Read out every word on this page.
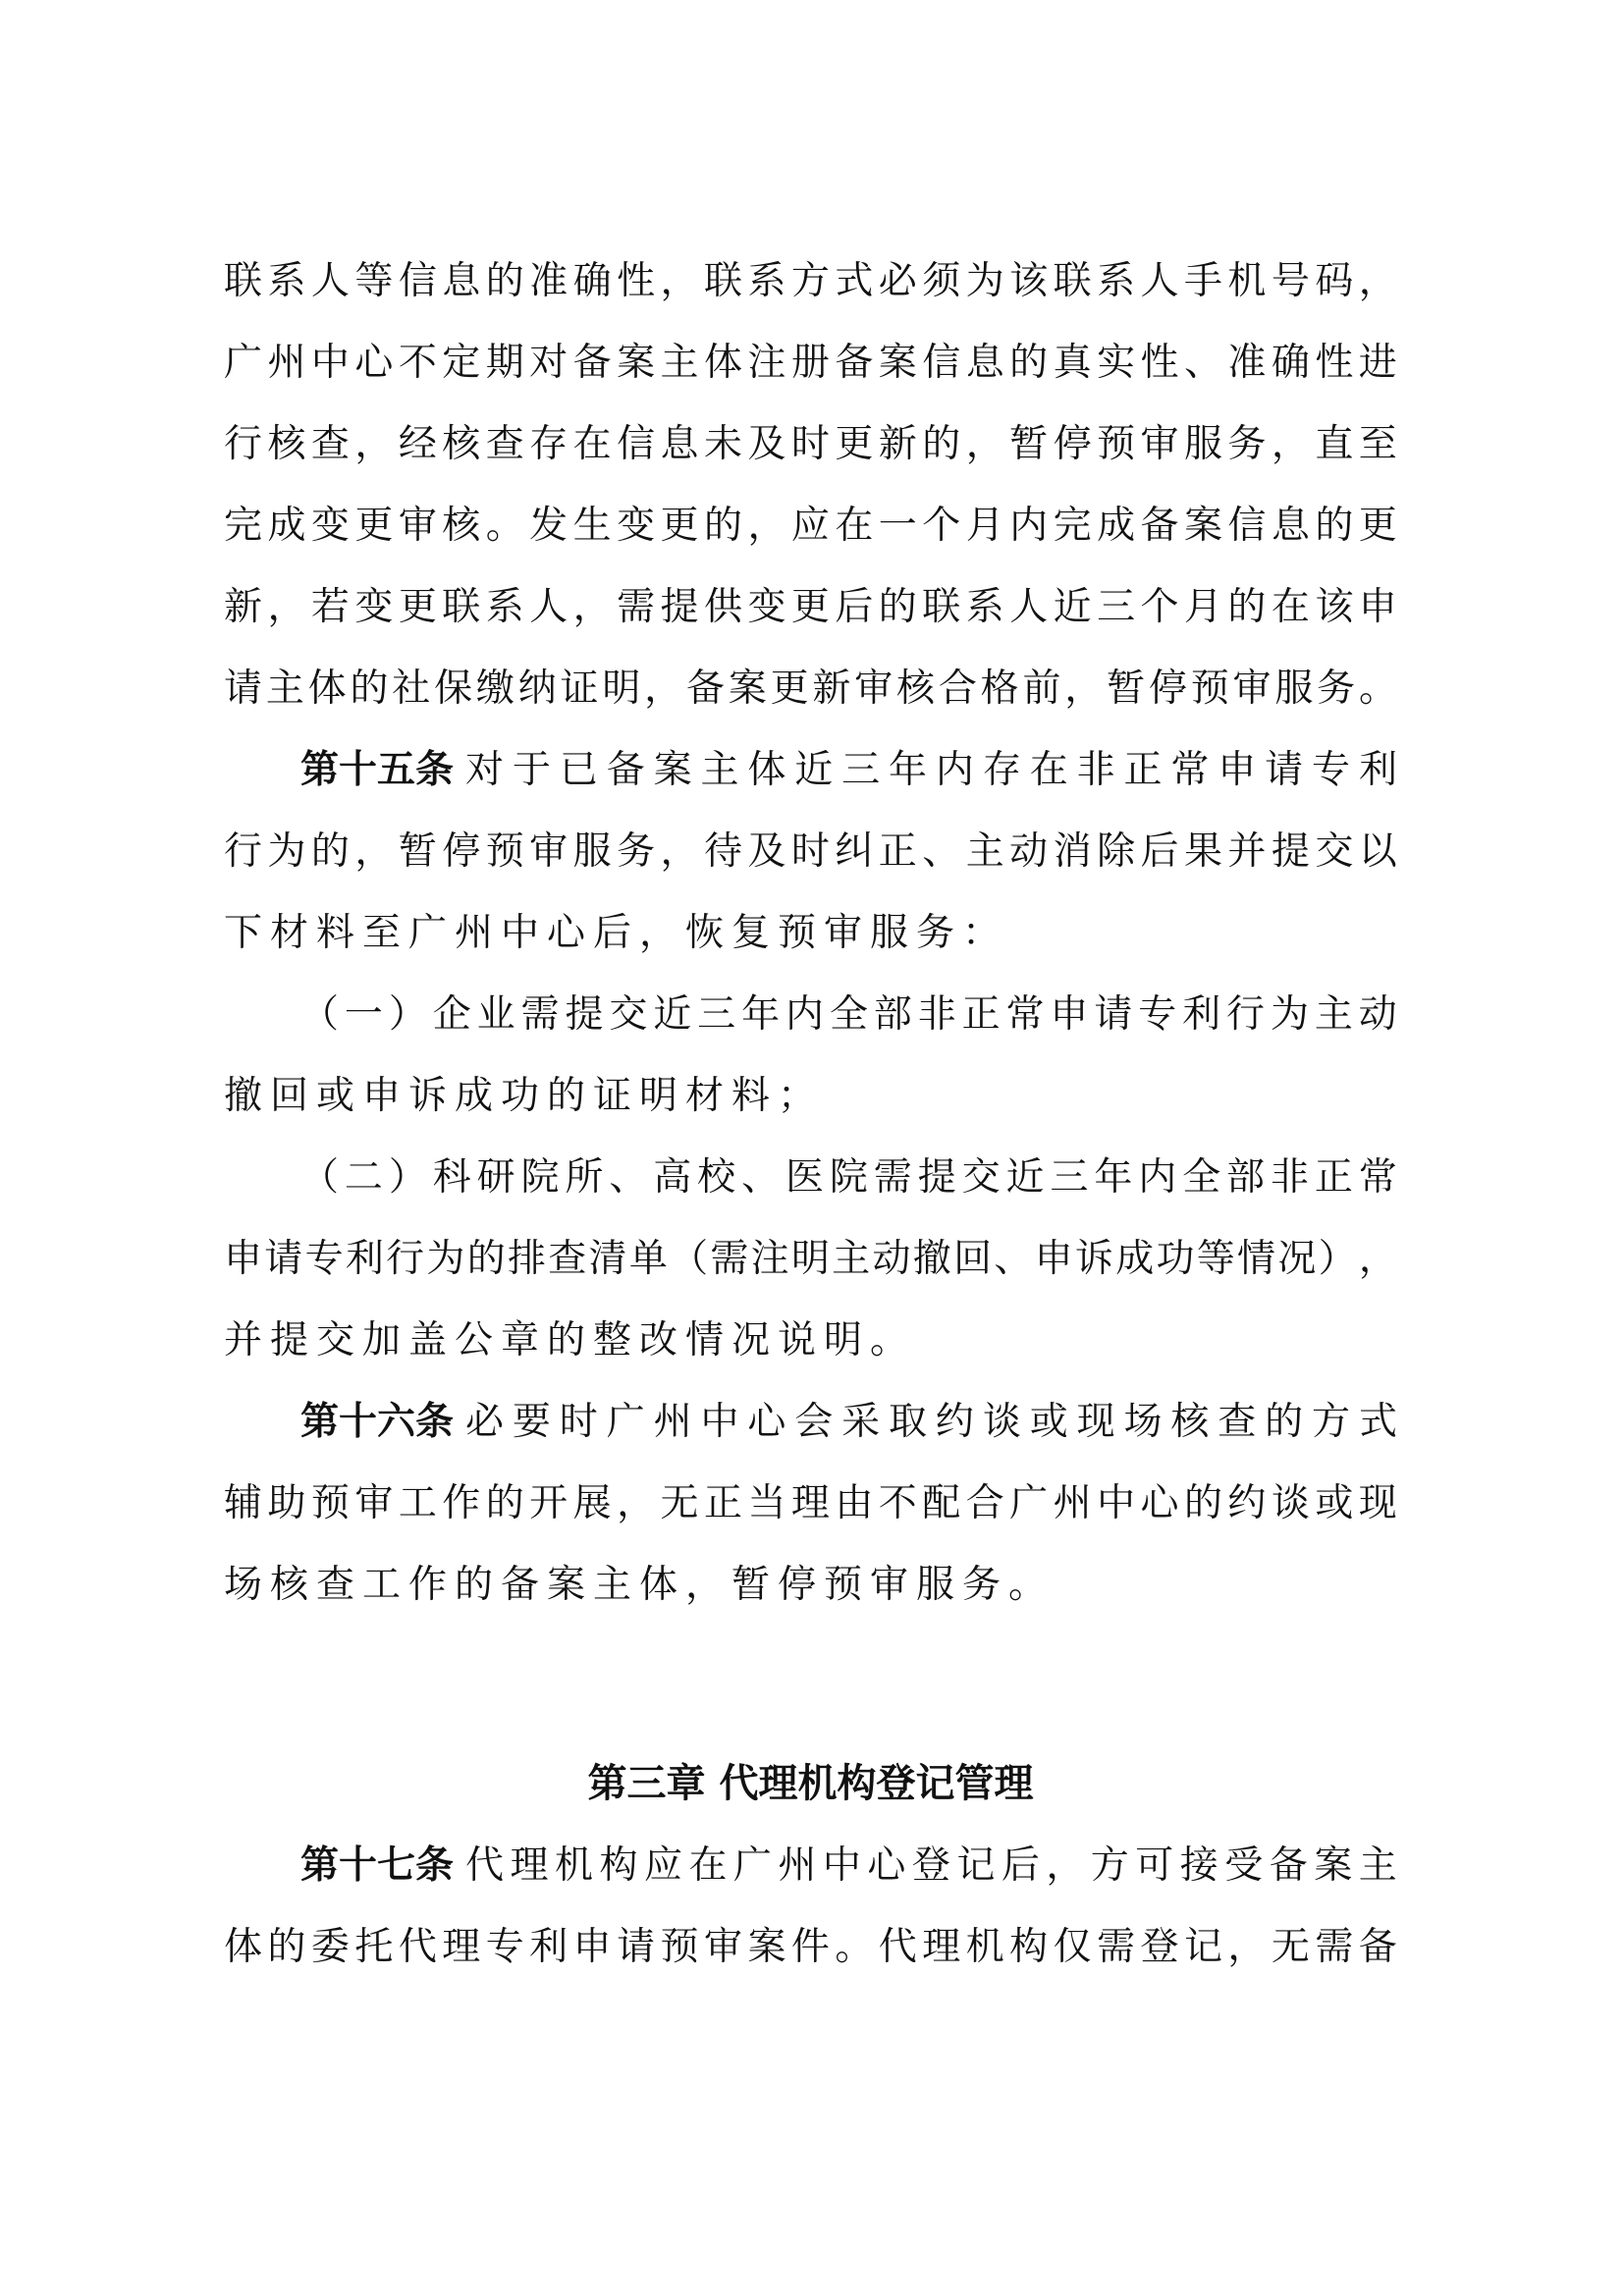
联 系 人 等 信 息 的 准 确 性 ， 联 系 方 式 必 须 为 该 联 系 人 手 机 号 码 ，
广 州 中 心 不 定 期 对 备 案 主 体 注 册 备 案 信 息 的 真 实 性 、 准 确 性 进
行 核 查 ， 经 核 查 存 在 信 息 未 及 时 更 新 的 ， 暂 停 预 审 服 务 ， 直 至
完 成 变 更 审 核 。 发 生 变 更 的 ， 应 在 一 个 月 内 完 成 备 案 信 息 的 更
新 ， 若 变 更 联 系 人 ， 需 提 供 变 更 后 的 联 系 人 近 三 个 月 的 在 该 申
请 主 体 的 社 保 缴 纳 证 明 ， 备 案 更 新 审 核 合 格 前 ， 暂 停 预 审 服 务 。
第十五条 对 于 已 备 案 主 体 近 三 年 内 存 在 非 正 常 申 请 专 利
行 为 的 ， 暂 停 预 审 服 务 ， 待 及 时 纠 正 、 主 动 消 除 后 果 并 提 交 以
下材料至广州中心后，恢复预审服务：
（ 一 ） 企 业 需 提 交 近 三 年 内 全 部 非 正 常 申 请 专 利 行 为 主 动
撤回或申诉成功的证明材料；
（ 二 ） 科 研 院 所 、 高 校 、 医 院 需 提 交 近 三 年 内 全 部 非 正 常
申 请 专 利 行 为 的 排 查 清 单 （ 需 注 明 主 动 撤 回 、 申 诉 成 功 等 情 况 ） ，
并提交加盖公章的整改情况说明。
第十六条 必 要 时 广 州 中 心 会 采 取 约 谈 或 现 场 核 查 的 方 式
辅 助 预 审 工 作 的 开 展 ， 无 正 当 理 由 不 配 合 广 州 中 心 的 约 谈 或 现
场核查工作的备案主体，暂停预审服务。
第三章 代理机构登记管理
第十七条 代 理 机 构 应 在 广 州 中 心 登 记 后 ， 方 可 接 受 备 案 主
体 的 委 托 代 理 专 利 申 请 预 审 案 件 。 代 理 机 构 仅 需 登 记 ， 无 需 备
